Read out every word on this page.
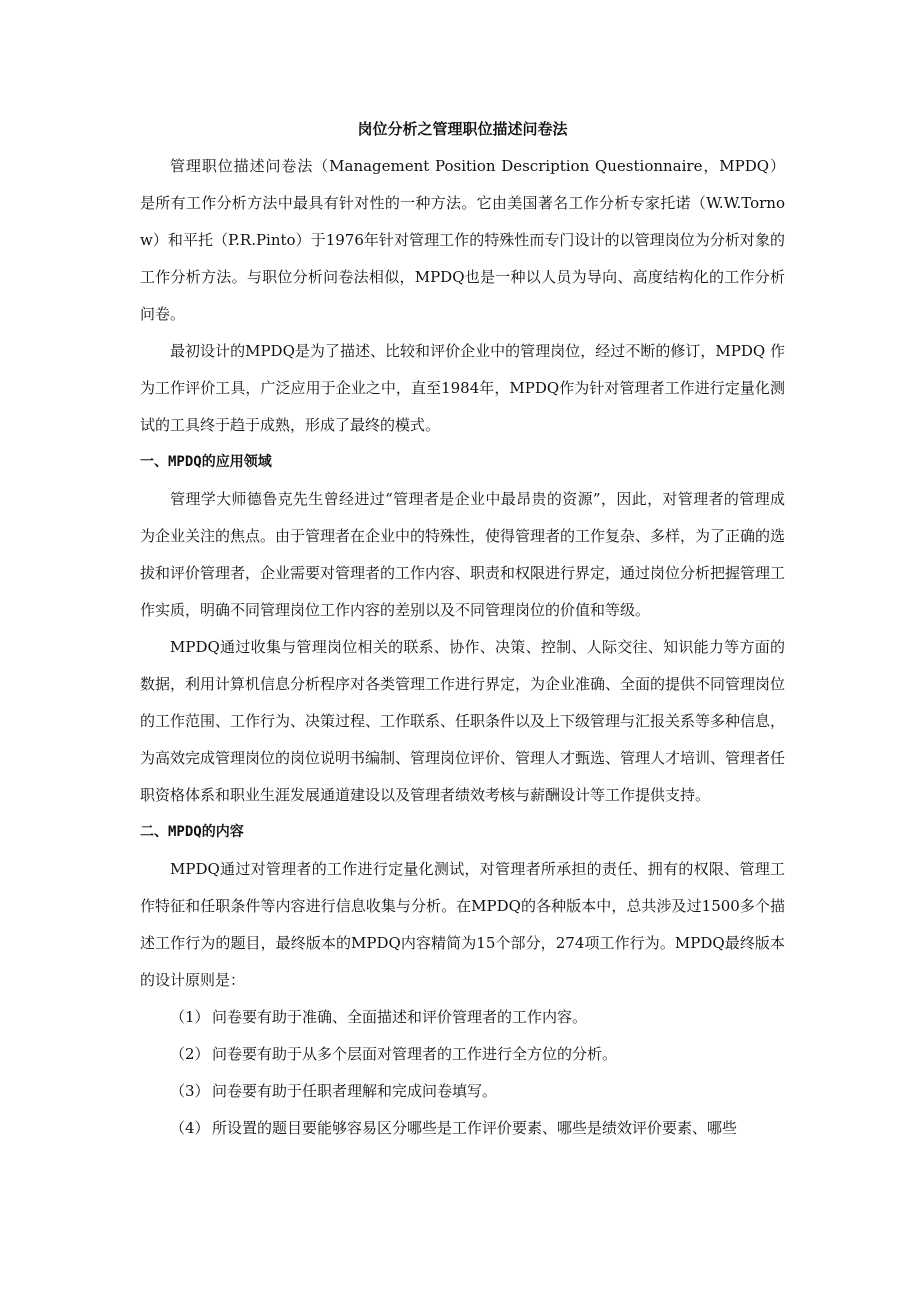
岗位分析之管理职位描述问卷法

管理职位描述问卷法（Management Position Description Questionnaire，MPDQ）是所有工作分析方法中最具有针对性的一种方法。它由美国著名工作分析专家托诺（W.W.Tornow）和平托（P.R.Pinto）于1976年针对管理工作的特殊性而专门设计的以管理岗位为分析对象的工作分析方法。与职位分析问卷法相似，MPDQ也是一种以人员为导向、高度结构化的工作分析问卷。

最初设计的MPDQ是为了描述、比较和评价企业中的管理岗位，经过不断的修订，MPDQ 作为工作评价工具，广泛应用于企业之中，直至1984年，MPDQ作为针对管理者工作进行定量化测试的工具终于趋于成熟，形成了最终的模式。

一、MPDQ的应用领域

管理学大师德鲁克先生曾经进过“管理者是企业中最昂贵的资源”，因此，对管理者的管理成为企业关注的焦点。由于管理者在企业中的特殊性，使得管理者的工作复杂、多样，为了正确的选拔和评价管理者，企业需要对管理者的工作内容、职责和权限进行界定，通过岗位分析把握管理工作实质，明确不同管理岗位工作内容的差别以及不同管理岗位的价值和等级。

MPDQ通过收集与管理岗位相关的联系、协作、决策、控制、人际交往、知识能力等方面的数据，利用计算机信息分析程序对各类管理工作进行界定，为企业准确、全面的提供不同管理岗位的工作范围、工作行为、决策过程、工作联系、任职条件以及上下级管理与汇报关系等多种信息，为高效完成管理岗位的岗位说明书编制、管理岗位评价、管理人才甄选、管理人才培训、管理者任职资格体系和职业生涯发展通道建设以及管理者绩效考核与薪酬设计等工作提供支持。

二、MPDQ的内容

MPDQ通过对管理者的工作进行定量化测试，对管理者所承担的责任、拥有的权限、管理工作特征和任职条件等内容进行信息收集与分析。在MPDQ的各种版本中，总共涉及过1500多个描述工作行为的题目，最终版本的MPDQ内容精简为15个部分，274项工作行为。MPDQ最终版本的设计原则是：

（1） 问卷要有助于准确、全面描述和评价管理者的工作内容。

（2） 问卷要有助于从多个层面对管理者的工作进行全方位的分析。

（3） 问卷要有助于任职者理解和完成问卷填写。

（4） 所设置的题目要能够容易区分哪些是工作评价要素、哪些是绩效评价要素、哪些
